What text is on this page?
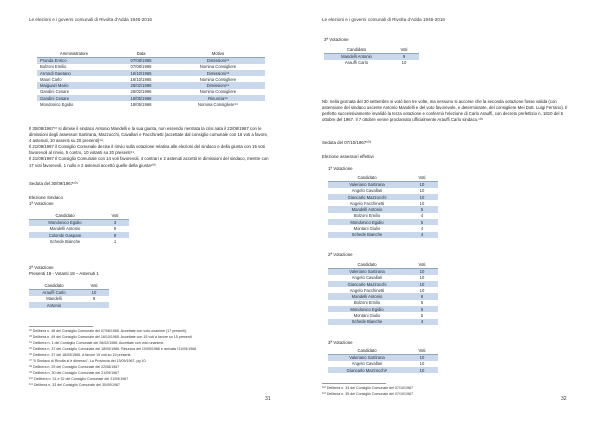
Le elezioni e i governi comunali di Rivolta d'Adda 1946-2016
Amministratore	Data	Motivo
Pranda Enrico	07/08/1965	Dimissioni⁹²
Bolzoni Emilio	07/08/1965	Nomina Consigliere
Arrondi Gaetano	16/10/1965	Dimissioni⁹³
Mauri Carlo	16/10/1965	Nomina Consigliere
Maiguazi Mario	26/02/1966	Dimissioni⁹⁴
Gandini Cesare	26/02/1966	Nomina Consigliere
Gandini Cesare	18/05/1966	Rinuncia⁹⁵
Mondonico Egidio	18/05/1966	Nomina Consigliere⁹⁶

Il 30/08/1967⁹⁷ si dimise il sindaco Antonio Mandelli e la sua giunta, non essendo rientrata la crisi nata il 22/08/1967 con le dimissioni degli assessori Sartirana, Mazzocchi, Cavallari e Facchinetti (accettate dal consiglio comunale con 16 voti a favore, 4 astenuti, 10 assenti su 20 presenti)⁹⁸.

Il 21/09/1967 il Consiglio Comunale decise il rinvio sulla votazione relativa alle elezioni del sindaco e della giunta con 15 voti favorevoli al rinvio, 5 contro, 10 votanti su 20 presenti⁹⁹.

Il 21/09/1967 Il Consiglio Comunale con 14 voti favorevoli, 4 contrari e 2 astenuti accettò le dimissioni del sindaco, mentre con 17 voti favorevoli, 1 nullo e 2 astenuti accettò quelle della giunta¹⁰⁰.

Seduta del 30/09/1967¹⁰¹
Elezione Sindaco
1ª Votazione
Candidato	Voti
Mondonico Egidio	3
Mandelli Antonio	9
Colombi Gaspare	9
Schede Bianche	1
2ª Votazione
Presenti 19 - Votanti 18 – Astenuti 1
Candidato	Voti
Arauffi Carlo	10
Mandelli	8
Antonio	
⁹² Delibera n. 48 del Consiglio Comunale del 07/08/1965. Accettate con voto unanime (17 presenti).
⁹³ Delibera n. 49 del Consiglio Comunale del 16/10/1965. Accettate con 15 voti a favore su 15 presenti.
⁹⁴ Delibera n. 1 del Consiglio Comunale del 26/02/1966. Accettate con voto unanime.
⁹⁵ Delibera n. 37 del Consiglio Comunale del 18/05/1966. Rinuncia del 10/05/1966 e arrivata l'11/05/1966.
⁹⁶ Delibera n. 37 del 18/05/1966. A favore 19 voti su 19 presenti.
⁹⁷ "Il Sindaco di Rivolta si è dimesso", La Provincia del 13/09/1967, pg 10.
⁹⁸ Delibera n. 29 del Consiglio Comunale del 22/08/1967
⁹⁹ Delibera n. 30 del Consiglio Comunale del 21/09/1967
¹⁰⁰ Delibera n. 31 e 32 del Consiglio Comunale del 21/09/1967
¹⁰¹ Delibera n. 33 del Consiglio Comunale del 30/09/1967
31
Le elezioni e i governi comunali di Rivolta d'Adda 1946-2016
3ª Votazione
Candidato	Voti
Mandelli Antonio	9
Arauffi Carlo	10

Nb: nella giornata del 30 settembre si votò ben tre volte, ma nessuno si accorse che la seconda votazione fosse valida (con astensione del sindaco uscente Antonio Mandelli e del voto favorevole, e determinante, del consigliere Mei Dott. Luigi Ferrario). Il perfetto successivamente invalidò la terza votazione e confermò l'elezione di Carlo Arauffi, con decreto prefettizio n. 1810 del 5 ottobre del 1967. Il 7 ottobre venne proclamato ufficialmente Arauffi Carlo sindaco.¹⁰²

Seduta del 07/10/1967¹⁰³
Elezione assessori effettivi
1ª Votazione
Candidato	Voti
Valeriano Sartirana	10
Angelo Cavallari	10
Giancarlo Mazzocchi	10
Angelo Facchinetti	10
Mandelli Antonio	5
Bolzoni Emilio	4
Mondonico Egidio	5
Montani Giulio	4
Schede Bianche	4
2ª Votazione
Candidato	Voti
Valeriano Sartirana	10
Angelo Cavallari	10
Giancarlo Mazzocchi	10
Angelo Facchinetti	10
Mandelli Antonio	6
Bolzoni Emilio	5
Mondonico Egidio	5
Montani Giulio	5
Schede Bianche	4
3ª Votazione
Candidato	Voti
Valeriano Sartirana	10
Angelo Cavallari	10
Giancarlo Mazzocchi⁸	10
¹⁰² Delibera n. 34 del Consiglio Comunale del 07/10/1967
¹⁰³ Delibera n. 35 del Consiglio Comunale del 07/10/1967
32
